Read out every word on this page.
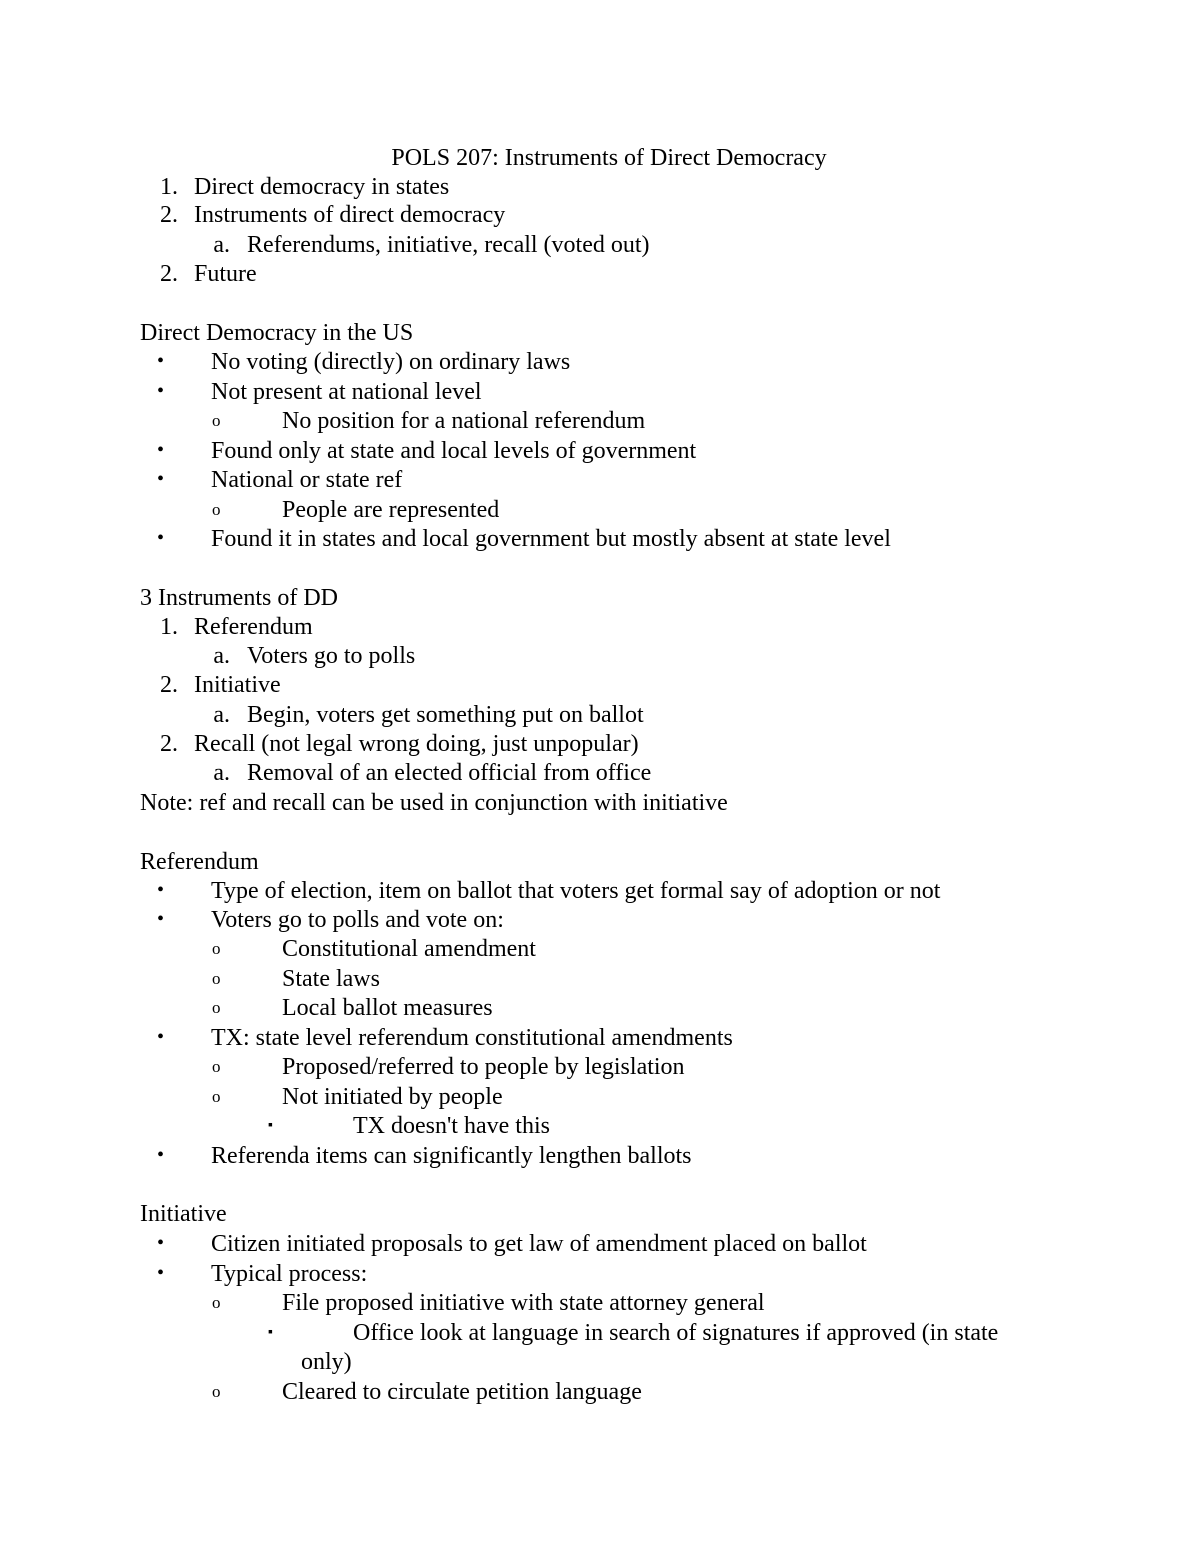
POLS 207: Instruments of Direct Democracy
1. Direct democracy in states
2. Instruments of direct democracy
a. Referendums, initiative, recall (voted out)
2. Future
Direct Democracy in the US
• No voting (directly) on ordinary laws
• Not present at national level
o	No position for a national referendum
• Found only at state and local levels of government
• National or state ref
o	People are represented
• Found it in states and local government but mostly absent at state level
3 Instruments of DD
1. Referendum
a. Voters go to polls
2. Initiative
a. Begin, voters get something put on ballot
2. Recall (not legal wrong doing, just unpopular)
a. Removal of an elected official from office
Note: ref and recall can be used in conjunction with initiative
Referendum
• Type of election, item on ballot that voters get formal say of adoption or not
• Voters go to polls and vote on:
o	Constitutional amendment
o	State laws
o	Local ballot measures
• TX: state level referendum constitutional amendments
o	Proposed/referred to people by legislation
o	Not initiated by people
▪	TX doesn't have this
• Referenda items can significantly lengthen ballots
Initiative
• Citizen initiated proposals to get law of amendment placed on ballot
• Typical process:
o	File proposed initiative with state attorney general
▪	Office look at language in search of signatures if approved (in state
only)
o	Cleared to circulate petition language
